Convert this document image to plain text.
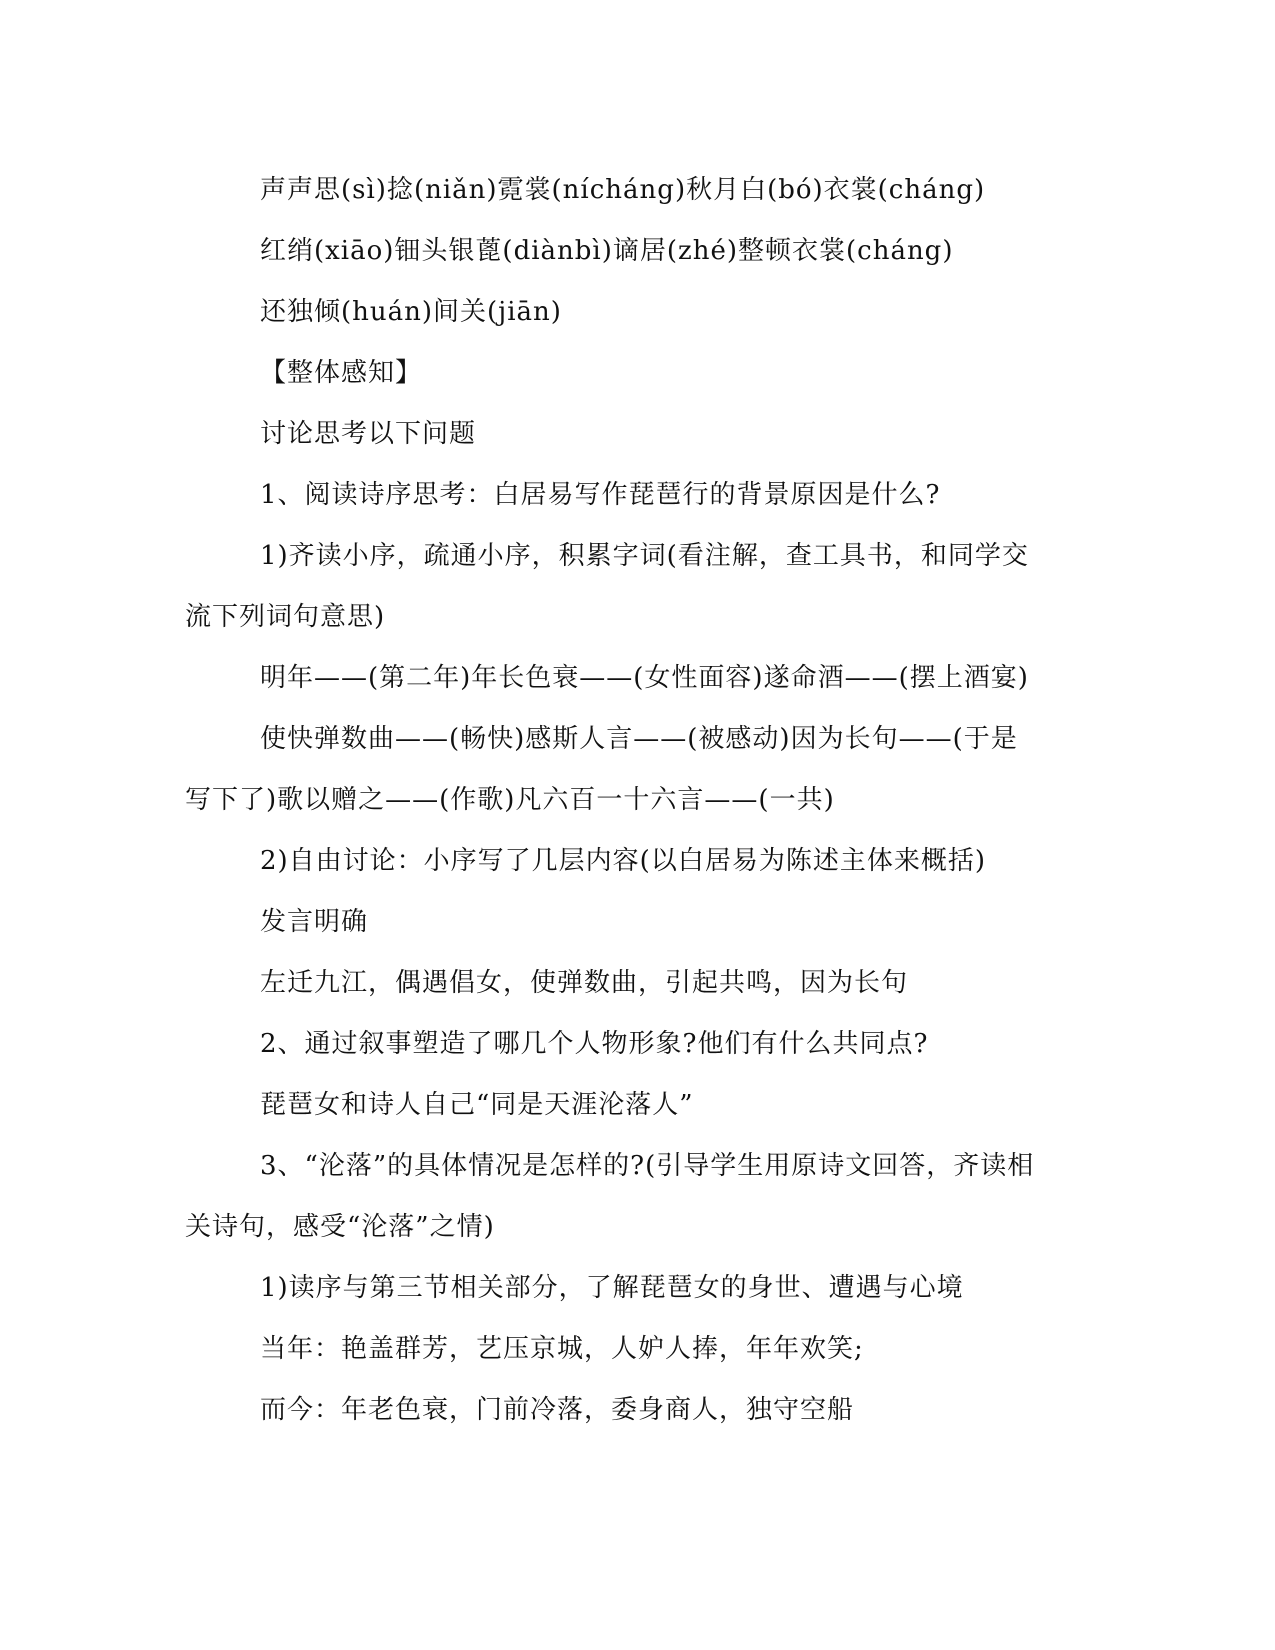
声声思(sì)捻(niǎn)霓裳(nícháng)秋月白(bó)衣裳(cháng)
红绡(xiāo)钿头银蓖(diànbì)谪居(zhé)整顿衣裳(cháng)
还独倾(huán)间关(jiān)
【整体感知】
讨论思考以下问题
1、阅读诗序思考：白居易写作琵琶行的背景原因是什么?
1)齐读小序，疏通小序，积累字词(看注解，查工具书，和同学交
流下列词句意思)
明年——(第二年)年长色衰——(女性面容)遂命酒——(摆上酒宴)
使快弹数曲——(畅快)感斯人言——(被感动)因为长句——(于是
写下了)歌以赠之——(作歌)凡六百一十六言——(一共)
2)自由讨论：小序写了几层内容(以白居易为陈述主体来概括)
发言明确
左迁九江，偶遇倡女，使弹数曲，引起共鸣，因为长句
2、通过叙事塑造了哪几个人物形象?他们有什么共同点?
琵琶女和诗人自己“同是天涯沦落人”
3、“沦落”的具体情况是怎样的?(引导学生用原诗文回答，齐读相
关诗句，感受“沦落”之情)
1)读序与第三节相关部分，了解琵琶女的身世、遭遇与心境
当年：艳盖群芳，艺压京城，人妒人捧，年年欢笑;
而今：年老色衰，门前冷落，委身商人，独守空船
